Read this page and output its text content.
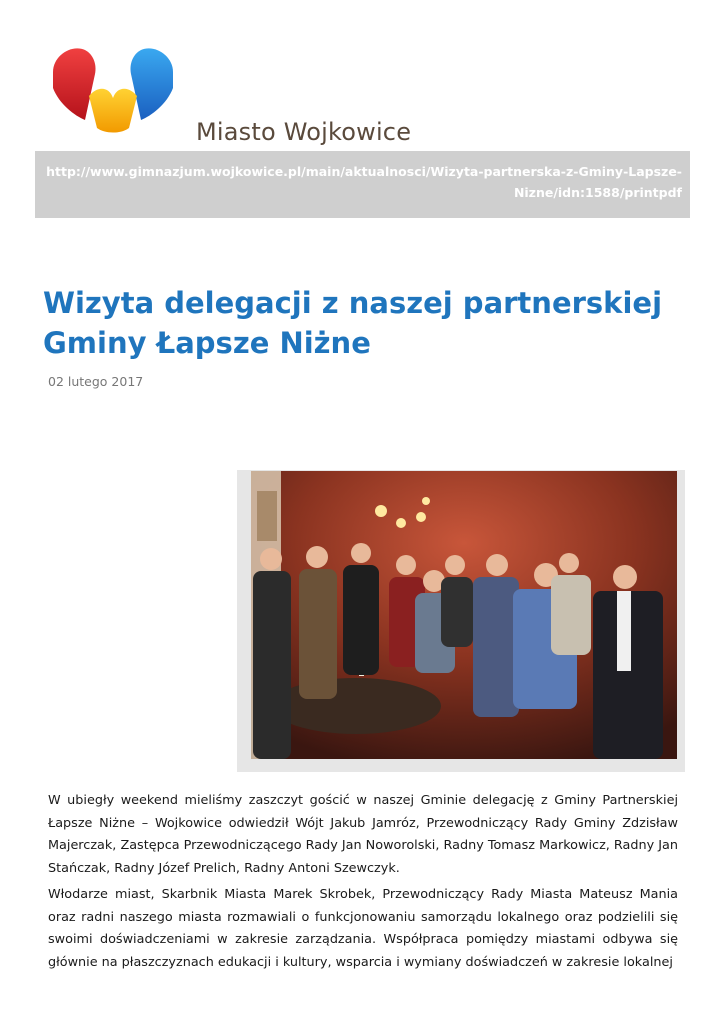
Miasto Wojkowice
http://www.gimnazjum.wojkowice.pl/main/aktualnosci/Wizyta-partnerska-z-Gminy-Lapsze-Nizne/idn:1588/printpdf
Wizyta delegacji z naszej partnerskiej Gminy Łapsze Niżne
02 lutego 2017

W ubiegły weekend mieliśmy zaszczyt gościć w naszej Gminie delegację z Gminy Partnerskiej Łapsze Niżne – Wojkowice odwiedził Wójt Jakub Jamróz, Przewodniczący Rady Gminy Zdzisław Majerczak, Zastępca Przewodniczącego Rady Jan Noworolski, Radny Tomasz Markowicz, Radny Jan Stańczak, Radny Józef Prelich, Radny Antoni Szewczyk.

Włodarze miast, Skarbnik Miasta Marek Skrobek, Przewodniczący Rady Miasta Mateusz Mania oraz radni naszego miasta rozmawiali o funkcjonowaniu samorządu lokalnego oraz podzielili się swoimi doświadczeniami w zakresie zarządzania. Współpraca pomiędzy miastami odbywa się głównie na płaszczyznach edukacji i kultury, wsparcia i wymiany doświadczeń w zakresie lokalnej
